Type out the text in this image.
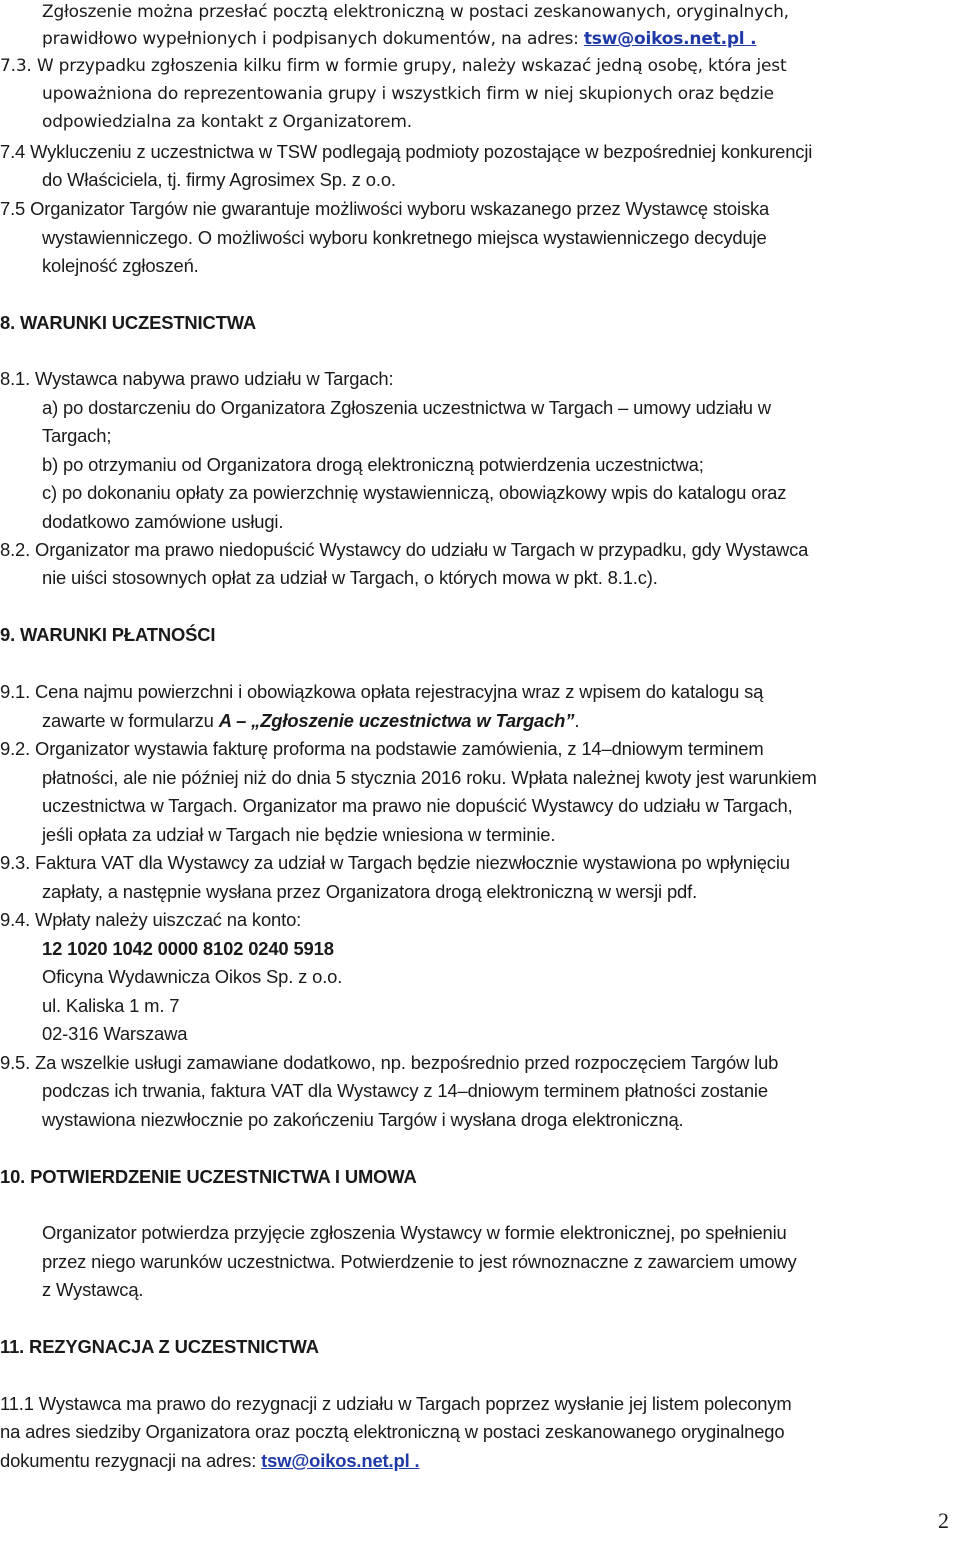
Zgłoszenie można przesłać pocztą elektroniczną w postaci zeskanowanych, oryginalnych,
prawidłowo wypełnionych i podpisanych dokumentów, na adres: tsw@oikos.net.pl .
7.3. W przypadku zgłoszenia kilku firm w formie grupy, należy wskazać jedną osobę, która jest
upoważniona do reprezentowania grupy i wszystkich firm w niej skupionych oraz będzie
odpowiedzialna za kontakt z Organizatorem.
7.4 Wykluczeniu z uczestnictwa w TSW podlegają podmioty pozostające w bezpośredniej konkurencji
do Właściciela, tj. firmy Agrosimex Sp. z o.o.
7.5 Organizator Targów nie gwarantuje możliwości wyboru wskazanego przez Wystawcę stoiska
wystawienniczego. O możliwości wyboru konkretnego miejsca wystawienniczego decyduje
kolejność zgłoszeń.
8. WARUNKI UCZESTNICTWA
8.1. Wystawca nabywa prawo udziału w Targach:
a) po dostarczeniu do Organizatora Zgłoszenia uczestnictwa w Targach – umowy udziału w
Targach;
b) po otrzymaniu od Organizatora drogą elektroniczną potwierdzenia uczestnictwa;
c) po dokonaniu opłaty za powierzchnię wystawienniczą, obowiązkowy wpis do katalogu oraz
dodatkowo zamówione usługi.
8.2. Organizator ma prawo niedopuścić Wystawcy do udziału w Targach w przypadku, gdy Wystawca
nie uiści stosownych opłat za udział w Targach, o których mowa w pkt. 8.1.c).
9. WARUNKI PŁATNOŚCI
9.1. Cena najmu powierzchni i obowiązkowa opłata rejestracyjna wraz z wpisem do katalogu są
zawarte w formularzu A – „Zgłoszenie uczestnictwa w Targach”.
9.2. Organizator wystawia fakturę proforma na podstawie zamówienia, z 14–dniowym terminem
płatności, ale nie później niż do dnia 5 stycznia 2016 roku. Wpłata należnej kwoty jest warunkiem
uczestnictwa w Targach. Organizator ma prawo nie dopuścić Wystawcy do udziału w Targach,
jeśli opłata za udział w Targach nie będzie wniesiona w terminie.
9.3. Faktura VAT dla Wystawcy za udział w Targach będzie niezwłocznie wystawiona po wpłynięciu
zapłaty, a następnie wysłana przez Organizatora drogą elektroniczną w wersji pdf.
9.4. Wpłaty należy uiszczać na konto:
12 1020 1042 0000 8102 0240 5918
Oficyna Wydawnicza Oikos Sp. z o.o.
ul. Kaliska 1 m. 7
02-316 Warszawa
9.5. Za wszelkie usługi zamawiane dodatkowo, np. bezpośrednio przed rozpoczęciem Targów lub
podczas ich trwania, faktura VAT dla Wystawcy z 14–dniowym terminem płatności zostanie
wystawiona niezwłocznie po zakończeniu Targów i wysłana droga elektroniczną.
10. POTWIERDZENIE UCZESTNICTWA I UMOWA
Organizator potwierdza przyjęcie zgłoszenia Wystawcy w formie elektronicznej, po spełnieniu
przez niego warunków uczestnictwa. Potwierdzenie to jest równoznaczne z zawarciem umowy
z Wystawcą.
11. REZYGNACJA Z UCZESTNICTWA
11.1 Wystawca ma prawo do rezygnacji z udziału w Targach poprzez wysłanie jej listem poleconym
na adres siedziby Organizatora oraz pocztą elektroniczną w postaci zeskanowanego oryginalnego
dokumentu rezygnacji na adres: tsw@oikos.net.pl .
2
